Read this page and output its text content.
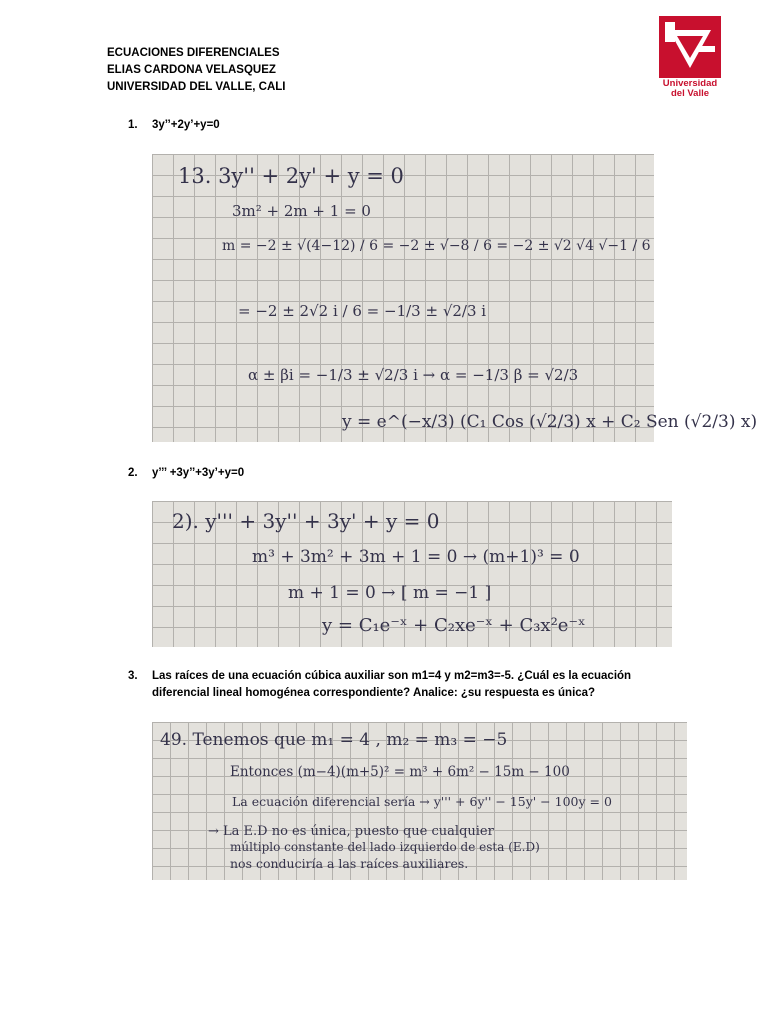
ECUACIONES DIFERENCIALES
ELIAS CARDONA VELASQUEZ
UNIVERSIDAD DEL VALLE, CALI	Universidad
del Valle
1.	3y’’+2y’+y=0
13. 3y'' + 2y' + y = 0
3m² + 2m + 1 = 0
m = −2 ± √(4−12) / 6 = −2 ± √−8 / 6 = −2 ± √2 √4 √−1 / 6
= −2 ± 2√2 i / 6 = −1/3 ± √2/3 i
α ± βi = −1/3 ± √2/3 i → α = −1/3 β = √2/3
y = e^(−x/3) (C₁ Cos (√2/3) x + C₂ Sen (√2/3) x)
2.	y’’’ +3y’’+3y’+y=0
2). y''' + 3y'' + 3y' + y = 0
m³ + 3m² + 3m + 1 = 0 → (m+1)³ = 0
m + 1 = 0 → [ m = −1 ]
y = C₁e⁻ˣ + C₂xe⁻ˣ + C₃x²e⁻ˣ
3.	Las raíces de una ecuación cúbica auxiliar son m1=4 y m2=m3=-5. ¿Cuál es la ecuación
diferencial lineal homogénea correspondiente? Analice: ¿su respuesta es única?
49. Tenemos que m₁ = 4 , m₂ = m₃ = −5
Entonces (m−4)(m+5)² = m³ + 6m² − 15m − 100
La ecuación diferencial sería → y''' + 6y'' − 15y' − 100y = 0
→ La E.D no es única, puesto que cualquier
múltiplo constante del lado izquierdo de esta (E.D)
nos conduciría a las raíces auxiliares.
